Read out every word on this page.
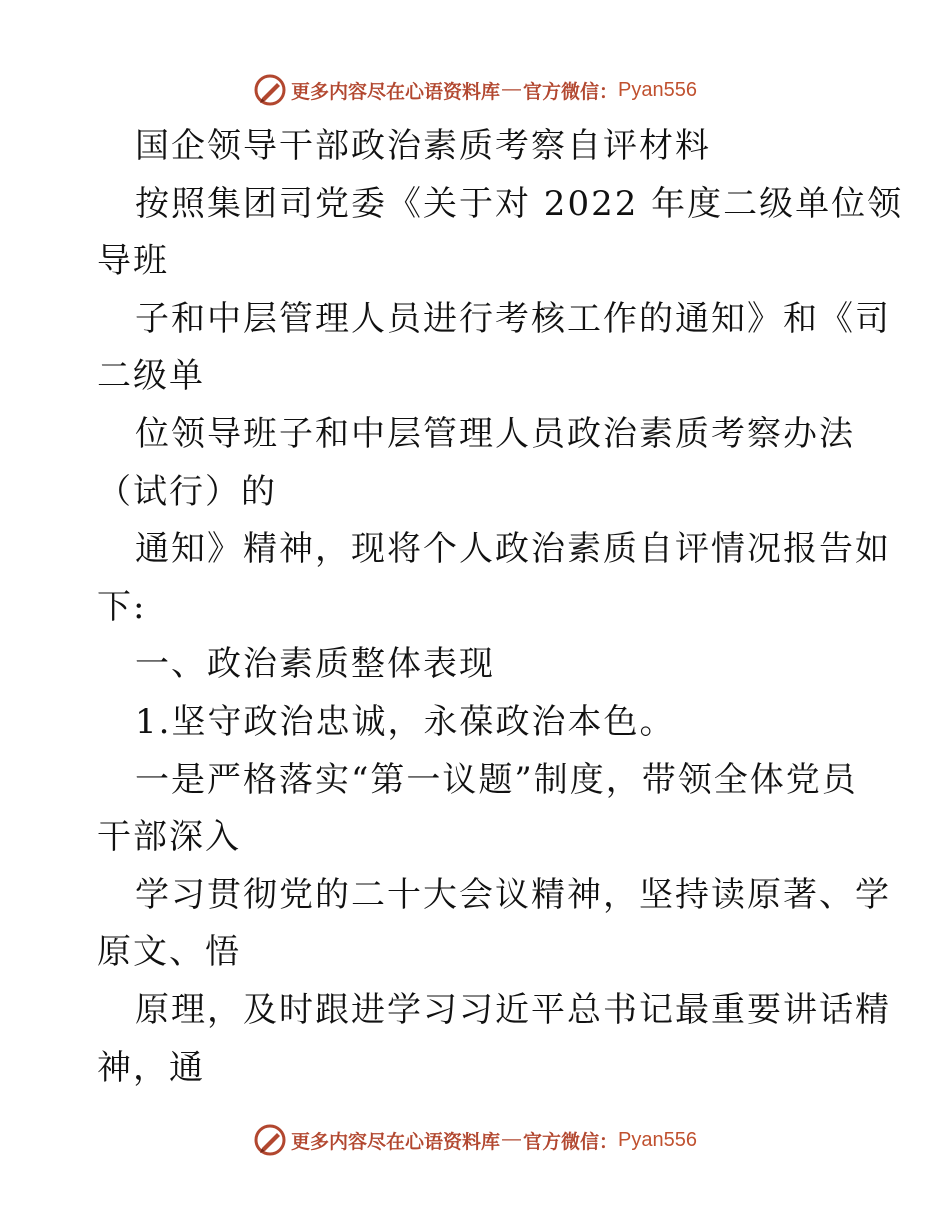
更多内容尽在心语资料库 — 官方微信： Pyan556
国企领导干部政治素质考察自评材料
按照集团司党委《关于对 2022 年度二级单位领
导班
子和中层管理人员进行考核工作的通知》和《司
二级单
位领导班子和中层管理人员政治素质考察办法
（试行）的
通知》精神，现将个人政治素质自评情况报告如
下:
一、政治素质整体表现
1.坚守政治忠诚，永葆政治本色。
一是严格落实“第一议题”制度，带领全体党员
干部深入
学习贯彻党的二十大会议精神，坚持读原著、学
原文、悟
原理，及时跟进学习习近平总书记最重要讲话精
神，通
更多内容尽在心语资料库 — 官方微信： Pyan556
